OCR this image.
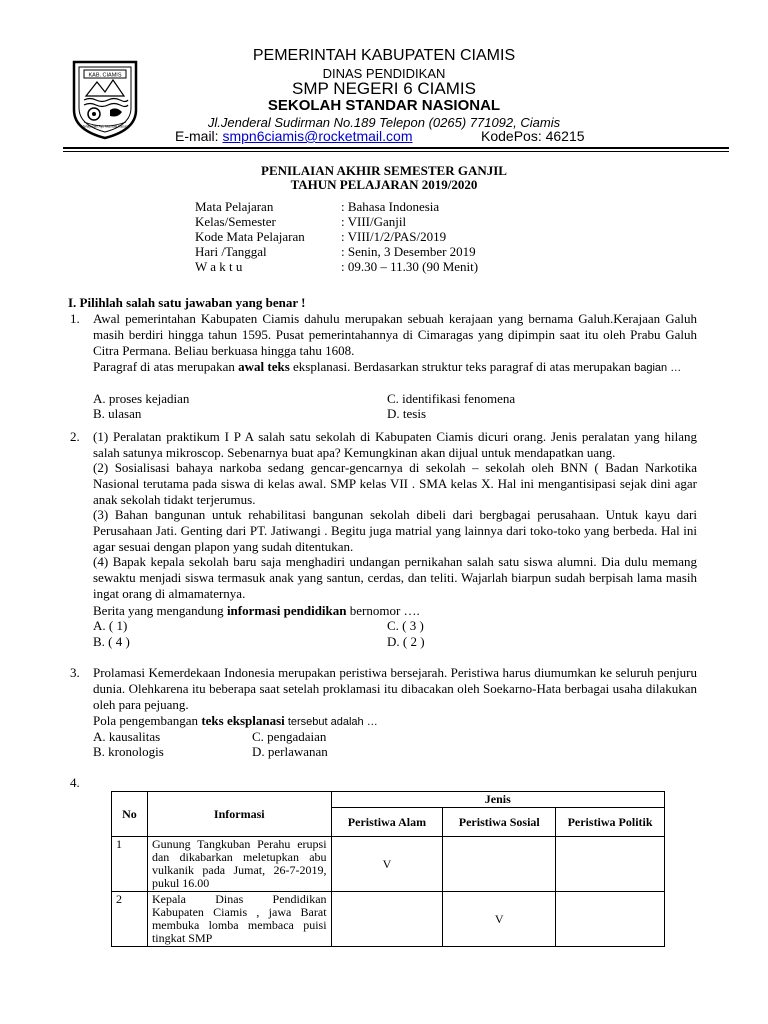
KAB. CIAMIS
Mahayunan Ayu Mandala Kasumi
PEMERINTAH KABUPATEN CIAMIS
DINAS PENDIDIKAN
SMP NEGERI 6 CIAMIS
SEKOLAH STANDAR NASIONAL
Jl.Jenderal Sudirman No.189 Telepon (0265) 771092, Ciamis
E-mail: smpn6ciamis@rocketmail.com	KodePos: 46215
PENILAIAN AKHIR SEMESTER GANJIL
TAHUN PELAJARAN 2019/2020
Mata Pelajaran	: Bahasa Indonesia
Kelas/Semester	: VIII/Ganjil
Kode Mata Pelajaran	: VIII/1/2/PAS/2019
Hari /Tanggal	: Senin, 3 Desember 2019
W a k t u	: 09.30 – 11.30 (90 Menit)
I. Pilihlah salah satu jawaban yang benar !
1. Awal pemerintahan Kabupaten Ciamis dahulu merupakan sebuah kerajaan yang bernama Galuh.Kerajaan Galuh masih berdiri hingga tahun 1595. Pusat pemerintahannya di Cimaragas yang dipimpin saat itu oleh Prabu Galuh Citra Permana. Beliau berkuasa hingga tahu 1608.
Paragraf di atas merupakan awal teks eksplanasi. Berdasarkan struktur teks paragraf di atas merupakan bagian …
A. proses kejadian
B. ulasan
C. identifikasi fenomena
D. tesis
2. (1) Peralatan praktikum I P A salah satu sekolah di Kabupaten Ciamis dicuri orang. Jenis peralatan yang hilang salah satunya mikroscop. Sebenarnya buat apa? Kemungkinan akan dijual untuk mendapatkan uang.
(2) Sosialisasi bahaya narkoba sedang gencar-gencarnya di sekolah – sekolah oleh BNN ( Badan Narkotika Nasional terutama pada siswa di kelas awal. SMP kelas VII . SMA kelas X. Hal ini mengantisipasi sejak dini agar anak sekolah tidakt terjerumus.
(3) Bahan bangunan untuk rehabilitasi bangunan sekolah dibeli dari bergbagai perusahaan. Untuk kayu dari Perusahaan Jati. Genting dari PT. Jatiwangi . Begitu juga matrial yang lainnya dari toko-toko yang berbeda. Hal ini agar sesuai dengan plapon yang sudah ditentukan.
(4) Bapak kepala sekolah baru saja menghadiri undangan pernikahan salah satu siswa alumni. Dia dulu memang sewaktu menjadi siswa termasuk anak yang santun, cerdas, dan teliti. Wajarlah biarpun sudah berpisah lama masih ingat orang di almamaternya.
Berita yang mengandung informasi pendidikan bernomor ….
A. ( 1)
B. ( 4 )
C. ( 3 )
D. ( 2 )
3. Prolamasi Kemerdekaan Indonesia merupakan peristiwa bersejarah. Peristiwa harus diumumkan ke seluruh penjuru dunia. Olehkarena itu beberapa saat setelah proklamasi itu dibacakan oleh Soekarno-Hata berbagai usaha dilakukan oleh para pejuang.
Pola pengembangan teks eksplanasi tersebut adalah …
A. kausalitas
B. kronologis
C. pengadaian
D. perlawanan
4.
No	Informasi	Jenis		
		Peristiwa Alam	Peristiwa Sosial	Peristiwa Politik
1	Gunung Tangkuban Perahu erupsi dan dikabarkan meletupkan abu vulkanik pada Jumat, 26-7-2019, pukul 16.00	V		
2	Kepala Dinas Pendidikan Kabupaten Ciamis , jawa Barat membuka lomba membaca puisi tingkat SMP		V	
